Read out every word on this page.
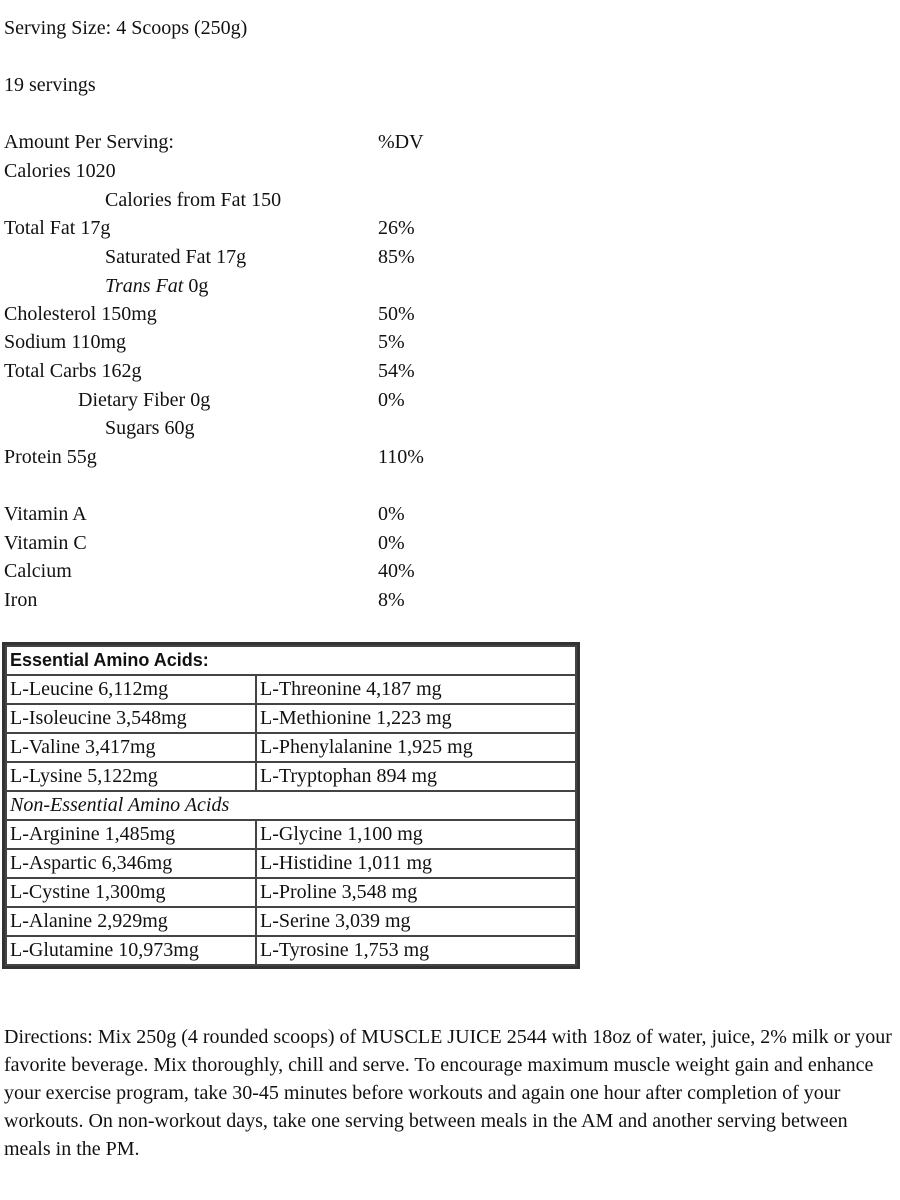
Serving Size: 4 Scoops (250g)
19 servings
Amount Per Serving:	%DV
Calories 1020
Calories from Fat 150
Total Fat 17g	26%
Saturated Fat 17g	85%
Trans Fat 0g
Cholesterol 150mg	50%
Sodium 110mg	5%
Total Carbs 162g	54%
Dietary Fiber 0g	0%
Sugars 60g
Protein 55g	110%
Vitamin A	0%
Vitamin C	0%
Calcium	40%
Iron	8%
Essential Amino Acids:	
L-Leucine 6,112mg	L-Threonine 4,187 mg
L-Isoleucine 3,548mg	L-Methionine 1,223 mg
L-Valine 3,417mg	L-Phenylalanine 1,925 mg
L-Lysine 5,122mg	L-Tryptophan 894 mg
Non-Essential Amino Acids	
L-Arginine 1,485mg	L-Glycine 1,100 mg
L-Aspartic 6,346mg	L-Histidine 1,011 mg
L-Cystine 1,300mg	L-Proline 3,548 mg
L-Alanine 2,929mg	L-Serine 3,039 mg
L-Glutamine 10,973mg	L-Tyrosine 1,753 mg
Directions: Mix 250g (4 rounded scoops) of MUSCLE JUICE 2544 with 18oz of water, juice, 2% milk or your favorite beverage. Mix thoroughly, chill and serve. To encourage maximum muscle weight gain and enhance your exercise program, take 30-45 minutes before workouts and again one hour after completion of your workouts. On non-workout days, take one serving between meals in the AM and another serving between meals in the PM.
